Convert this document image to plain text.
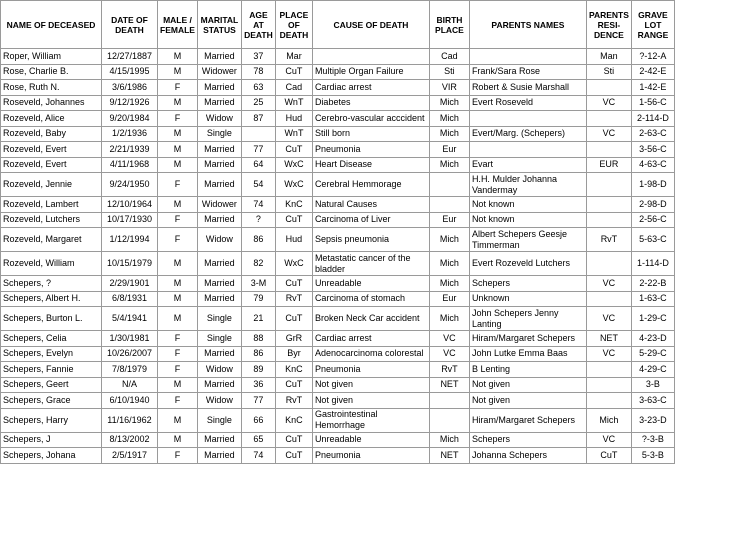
NAME OF DECEASED	DATE OF DEATH	MALE / FEMALE	MARITAL STATUS	AGE AT DEATH	PLACE OF DEATH	CAUSE OF DEATH	BIRTH PLACE	PARENTS NAMES	PARENTS RESI-DENCE	GRAVE LOT RANGE
Roper, William	12/27/1887	M	Married	37	Mar		Cad		Man	?-12-A
Rose, Charlie B.	4/15/1995	M	Widower	78	CuT	Multiple Organ Failure	Sti	Frank/Sara Rose	Sti	2-42-E
Rose, Ruth N.	3/6/1986	F	Married	63	Cad	Cardiac arrest	VIR	Robert & Susie Marshall		1-42-E
Roseveld, Johannes	9/12/1926	M	Married	25	WnT	Diabetes	Mich	Evert Roseveld	VC	1-56-C
Rozeveld, Alice	9/20/1984	F	Widow	87	Hud	Cerebro-vascular acccident	Mich			2-114-D
Rozeveld, Baby	1/2/1936	M	Single		WnT	Still born	Mich	Evert/Marg. (Schepers)	VC	2-63-C
Rozeveld, Evert	2/21/1939	M	Married	77	CuT	Pneumonia	Eur			3-56-C
Rozeveld, Evert	4/11/1968	M	Married	64	WxC	Heart Disease	Mich	Evart	EUR	4-63-C
Rozeveld, Jennie	9/24/1950	F	Married	54	WxC	Cerebral Hemmorage		H.H. Mulder Johanna Vandermay		1-98-D
Rozeveld, Lambert	12/10/1964	M	Widower	74	KnC	Natural Causes		Not known		2-98-D
Rozeveld, Lutchers	10/17/1930	F	Married	?	CuT	Carcinoma of Liver	Eur	Not known		2-56-C
Rozeveld, Margaret	1/12/1994	F	Widow	86	Hud	Sepsis pneumonia	Mich	Albert Schepers Geesje Timmerman	RvT	5-63-C
Rozeveld, William	10/15/1979	M	Married	82	WxC	Metastatic cancer of the bladder	Mich	Evert Rozeveld Lutchers		1-114-D
Schepers, ?	2/29/1901	M	Married	3-M	CuT	Unreadable	Mich	Schepers	VC	2-22-B
Schepers, Albert H.	6/8/1931	M	Married	79	RvT	Carcinoma of stomach	Eur	Unknown		1-63-C
Schepers, Burton L.	5/4/1941	M	Single	21	CuT	Broken Neck Car accident	Mich	John Schepers Jenny Lanting	VC	1-29-C
Schepers, Celia	1/30/1981	F	Single	88	GrR	Cardiac arrest	VC	Hiram/Margaret Schepers	NET	4-23-D
Schepers, Evelyn	10/26/2007	F	Married	86	Byr	Adenocarcinoma colorestal	VC	John Lutke Emma Baas	VC	5-29-C
Schepers, Fannie	7/8/1979	F	Widow	89	KnC	Pneumonia	RvT	B Lenting		4-29-C
Schepers, Geert	N/A	M	Married	36	CuT	Not given	NET	Not given		3-B
Schepers, Grace	6/10/1940	F	Widow	77	RvT	Not given		Not given		3-63-C
Schepers, Harry	11/16/1962	M	Single	66	KnC	Gastrointestinal Hemorrhage		Hiram/Margaret Schepers	Mich	3-23-D
Schepers, J	8/13/2002	M	Married	65	CuT	Unreadable	Mich	Schepers	VC	?-3-B
Schepers, Johana	2/5/1917	F	Married	74	CuT	Pneumonia	NET	Johanna Schepers	CuT	5-3-B
